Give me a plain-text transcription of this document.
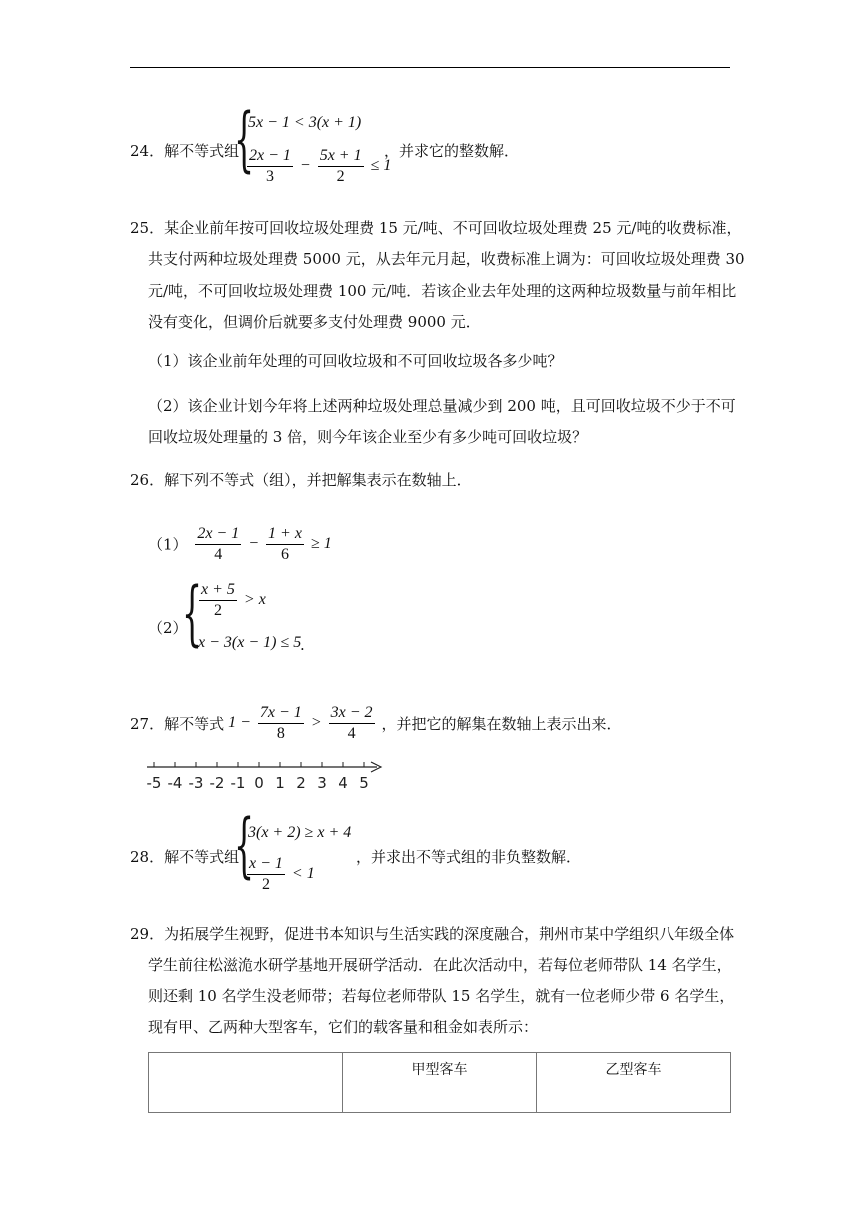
24．解不等式组
{
5x − 1 < 3(x + 1)
$\frac{2x - 1}{3} - \frac{5x + 1}{2} \le 1$
，并求它的整数解．
25．某企业前年按可回收垃圾处理费 15 元/吨、不可回收垃圾处理费 25 元/吨的收费标准，
共支付两种垃圾处理费 5000 元，从去年元月起，收费标准上调为：可回收垃圾处理费 30
元/吨，不可回收垃圾处理费 100 元/吨．若该企业去年处理的这两种垃圾数量与前年相比
没有变化，但调价后就要多支付处理费 9000 元．
（1）该企业前年处理的可回收垃圾和不可回收垃圾各多少吨？
（2）该企业计划今年将上述两种垃圾处理总量减少到 200 吨，且可回收垃圾不少于不可
回收垃圾处理量的 3 倍，则今年该企业至少有多少吨可回收垃圾？
26．解下列不等式（组），并把解集表示在数轴上．
$(1) \frac{2x - 1}{4} - \frac{1 + x}{6} \ge 1$
（2）
{
$\frac{x + 5}{2} > x$
x − 3(x − 1) ≤ 5
.
27．解不等式 $1 - \frac{7x - 1}{8} > \frac{3x - 2}{4}$ ，并把它的解集在数轴上表示出来．
-5 -4 -3 -2 -1 0 1 2 3 4 5
28．解不等式组
{
3(x + 2) ≥ x + 4
$\frac{x - 1}{2} < 1$
，并求出不等式组的非负整数解．
29．为拓展学生视野，促进书本知识与生活实践的深度融合，荆州市某中学组织八年级全体
学生前往松滋洈水研学基地开展研学活动．在此次活动中，若每位老师带队 14 名学生，
则还剩 10 名学生没老师带；若每位老师带队 15 名学生，就有一位老师少带 6 名学生，
现有甲、乙两种大型客车，它们的载客量和租金如表所示：
	甲型客车	乙型客车
